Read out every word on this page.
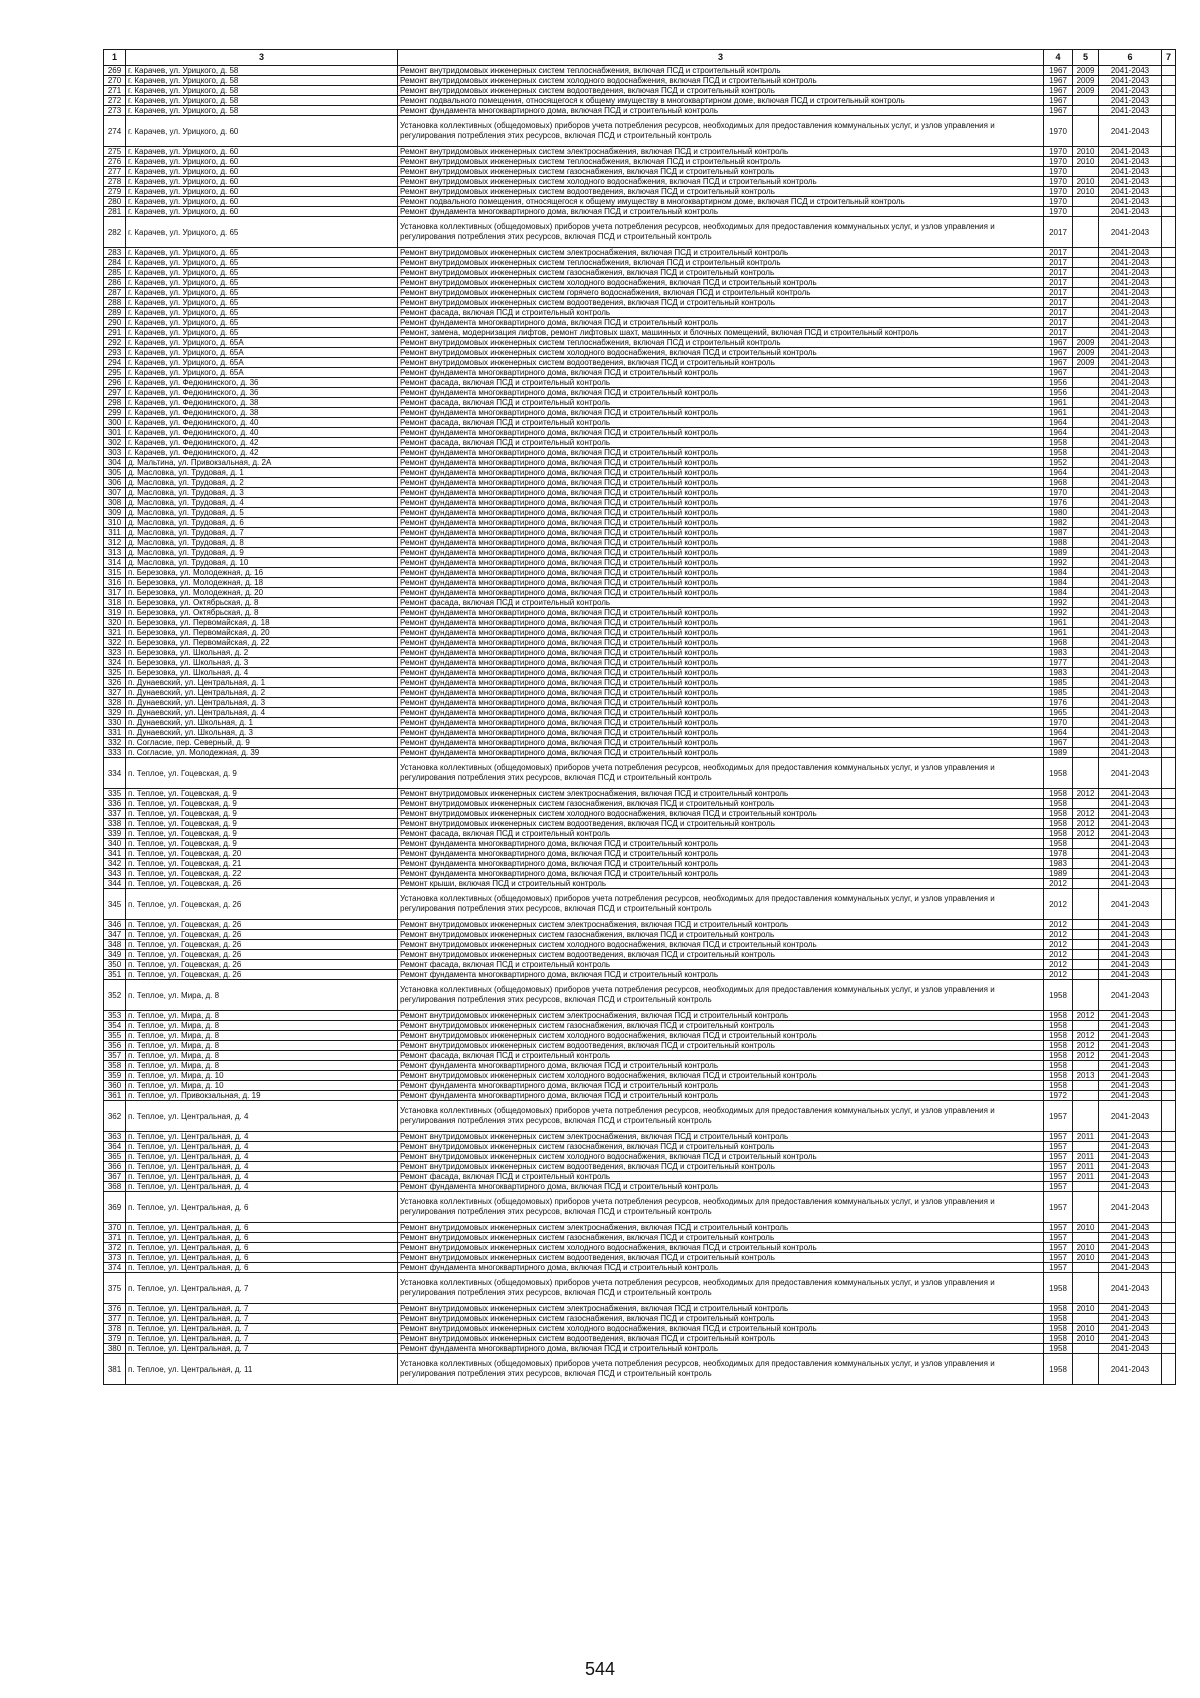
1	3	3	4	5	6	7
269	г. Карачев, ул. Урицкого, д. 58	Ремонт внутридомовых инженерных систем теплоснабжения, включая ПСД и строительный контроль	1967	2009	2041-2043	
270	г. Карачев, ул. Урицкого, д. 58	Ремонт внутридомовых инженерных систем холодного водоснабжения, включая ПСД и строительный контроль	1967	2009	2041-2043	
271	г. Карачев, ул. Урицкого, д. 58	Ремонт внутридомовых инженерных систем водоотведения, включая ПСД и строительный контроль	1967	2009	2041-2043	
272	г. Карачев, ул. Урицкого, д. 58	Ремонт подвального помещения, относящегося к общему имуществу в многоквартирном доме, включая ПСД и строительный контроль	1967		2041-2043	
273	г. Карачев, ул. Урицкого, д. 58	Ремонт фундамента многоквартирного дома, включая ПСД и строительный контроль	1967		2041-2043	
274	г. Карачев, ул. Урицкого, д. 60	Установка коллективных (общедомовых) приборов учета потребления ресурсов, необходимых для предоставления коммунальных услуг, и узлов управления и регулирования потребления этих ресурсов, включая ПСД и строительный контроль	1970		2041-2043	
275	г. Карачев, ул. Урицкого, д. 60	Ремонт внутридомовых инженерных систем электроснабжения, включая ПСД и строительный контроль	1970	2010	2041-2043	
276	г. Карачев, ул. Урицкого, д. 60	Ремонт внутридомовых инженерных систем теплоснабжения, включая ПСД и строительный контроль	1970	2010	2041-2043	
277	г. Карачев, ул. Урицкого, д. 60	Ремонт внутридомовых инженерных систем газоснабжения, включая ПСД и строительный контроль	1970		2041-2043	
278	г. Карачев, ул. Урицкого, д. 60	Ремонт внутридомовых инженерных систем холодного водоснабжения, включая ПСД и строительный контроль	1970	2010	2041-2043	
279	г. Карачев, ул. Урицкого, д. 60	Ремонт внутридомовых инженерных систем водоотведения, включая ПСД и строительный контроль	1970	2010	2041-2043	
280	г. Карачев, ул. Урицкого, д. 60	Ремонт подвального помещения, относящегося к общему имуществу в многоквартирном доме, включая ПСД и строительный контроль	1970		2041-2043	
281	г. Карачев, ул. Урицкого, д. 60	Ремонт фундамента многоквартирного дома, включая ПСД и строительный контроль	1970		2041-2043	
282	г. Карачев, ул. Урицкого, д. 65	Установка коллективных (общедомовых) приборов учета потребления ресурсов, необходимых для предоставления коммунальных услуг, и узлов управления и регулирования потребления этих ресурсов, включая ПСД и строительный контроль	2017		2041-2043	
283	г. Карачев, ул. Урицкого, д. 65	Ремонт внутридомовых инженерных систем электроснабжения, включая ПСД и строительный контроль	2017		2041-2043	
284	г. Карачев, ул. Урицкого, д. 65	Ремонт внутридомовых инженерных систем теплоснабжения, включая ПСД и строительный контроль	2017		2041-2043	
285	г. Карачев, ул. Урицкого, д. 65	Ремонт внутридомовых инженерных систем газоснабжения, включая ПСД и строительный контроль	2017		2041-2043	
286	г. Карачев, ул. Урицкого, д. 65	Ремонт внутридомовых инженерных систем холодного водоснабжения, включая ПСД и строительный контроль	2017		2041-2043	
287	г. Карачев, ул. Урицкого, д. 65	Ремонт внутридомовых инженерных систем горячего водоснабжения, включая ПСД и строительный контроль	2017		2041-2043	
288	г. Карачев, ул. Урицкого, д. 65	Ремонт внутридомовых инженерных систем водоотведения, включая ПСД и строительный контроль	2017		2041-2043	
289	г. Карачев, ул. Урицкого, д. 65	Ремонт фасада, включая ПСД и строительный контроль	2017		2041-2043	
290	г. Карачев, ул. Урицкого, д. 65	Ремонт фундамента многоквартирного дома, включая ПСД и строительный контроль	2017		2041-2043	
291	г. Карачев, ул. Урицкого, д. 65	Ремонт, замена, модернизация лифтов, ремонт лифтовых шахт, машинных и блочных помещений, включая ПСД и строительный контроль	2017		2041-2043	
292	г. Карачев, ул. Урицкого, д. 65А	Ремонт внутридомовых инженерных систем теплоснабжения, включая ПСД и строительный контроль	1967	2009	2041-2043	
293	г. Карачев, ул. Урицкого, д. 65А	Ремонт внутридомовых инженерных систем холодного водоснабжения, включая ПСД и строительный контроль	1967	2009	2041-2043	
294	г. Карачев, ул. Урицкого, д. 65А	Ремонт внутридомовых инженерных систем водоотведения, включая ПСД и строительный контроль	1967	2009	2041-2043	
295	г. Карачев, ул. Урицкого, д. 65А	Ремонт фундамента многоквартирного дома, включая ПСД и строительный контроль	1967		2041-2043	
296	г. Карачев, ул. Федюнинского, д. 36	Ремонт фасада, включая ПСД и строительный контроль	1956		2041-2043	
297	г. Карачев, ул. Федюнинского, д. 36	Ремонт фундамента многоквартирного дома, включая ПСД и строительный контроль	1956		2041-2043	
298	г. Карачев, ул. Федюнинского, д. 38	Ремонт фасада, включая ПСД и строительный контроль	1961		2041-2043	
299	г. Карачев, ул. Федюнинского, д. 38	Ремонт фундамента многоквартирного дома, включая ПСД и строительный контроль	1961		2041-2043	
300	г. Карачев, ул. Федюнинского, д. 40	Ремонт фасада, включая ПСД и строительный контроль	1964		2041-2043	
301	г. Карачев, ул. Федюнинского, д. 40	Ремонт фундамента многоквартирного дома, включая ПСД и строительный контроль	1964		2041-2043	
302	г. Карачев, ул. Федюнинского, д. 42	Ремонт фасада, включая ПСД и строительный контроль	1958		2041-2043	
303	г. Карачев, ул. Федюнинского, д. 42	Ремонт фундамента многоквартирного дома, включая ПСД и строительный контроль	1958		2041-2043	
304	д. Мальтина, ул. Привокзальная, д. 2А	Ремонт фундамента многоквартирного дома, включая ПСД и строительный контроль	1952		2041-2043	
305	д. Масловка, ул. Трудовая, д. 1	Ремонт фундамента многоквартирного дома, включая ПСД и строительный контроль	1964		2041-2043	
306	д. Масловка, ул. Трудовая, д. 2	Ремонт фундамента многоквартирного дома, включая ПСД и строительный контроль	1968		2041-2043	
307	д. Масловка, ул. Трудовая, д. 3	Ремонт фундамента многоквартирного дома, включая ПСД и строительный контроль	1970		2041-2043	
308	д. Масловка, ул. Трудовая, д. 4	Ремонт фундамента многоквартирного дома, включая ПСД и строительный контроль	1976		2041-2043	
309	д. Масловка, ул. Трудовая, д. 5	Ремонт фундамента многоквартирного дома, включая ПСД и строительный контроль	1980		2041-2043	
310	д. Масловка, ул. Трудовая, д. 6	Ремонт фундамента многоквартирного дома, включая ПСД и строительный контроль	1982		2041-2043	
311	д. Масловка, ул. Трудовая, д. 7	Ремонт фундамента многоквартирного дома, включая ПСД и строительный контроль	1987		2041-2043	
312	д. Масловка, ул. Трудовая, д. 8	Ремонт фундамента многоквартирного дома, включая ПСД и строительный контроль	1988		2041-2043	
313	д. Масловка, ул. Трудовая, д. 9	Ремонт фундамента многоквартирного дома, включая ПСД и строительный контроль	1989		2041-2043	
314	д. Масловка, ул. Трудовая, д. 10	Ремонт фундамента многоквартирного дома, включая ПСД и строительный контроль	1992		2041-2043	
315	п. Березовка, ул. Молодежная, д. 16	Ремонт фундамента многоквартирного дома, включая ПСД и строительный контроль	1984		2041-2043	
316	п. Березовка, ул. Молодежная, д. 18	Ремонт фундамента многоквартирного дома, включая ПСД и строительный контроль	1984		2041-2043	
317	п. Березовка, ул. Молодежная, д. 20	Ремонт фундамента многоквартирного дома, включая ПСД и строительный контроль	1984		2041-2043	
318	п. Березовка, ул. Октябрьская, д. 8	Ремонт фасада, включая ПСД и строительный контроль	1992		2041-2043	
319	п. Березовка, ул. Октябрьская, д. 8	Ремонт фундамента многоквартирного дома, включая ПСД и строительный контроль	1992		2041-2043	
320	п. Березовка, ул. Первомайская, д. 18	Ремонт фундамента многоквартирного дома, включая ПСД и строительный контроль	1961		2041-2043	
321	п. Березовка, ул. Первомайская, д. 20	Ремонт фундамента многоквартирного дома, включая ПСД и строительный контроль	1961		2041-2043	
322	п. Березовка, ул. Первомайская, д. 22	Ремонт фундамента многоквартирного дома, включая ПСД и строительный контроль	1968		2041-2043	
323	п. Березовка, ул. Школьная, д. 2	Ремонт фундамента многоквартирного дома, включая ПСД и строительный контроль	1983		2041-2043	
324	п. Березовка, ул. Школьная, д. 3	Ремонт фундамента многоквартирного дома, включая ПСД и строительный контроль	1977		2041-2043	
325	п. Березовка, ул. Школьная, д. 4	Ремонт фундамента многоквартирного дома, включая ПСД и строительный контроль	1983		2041-2043	
326	п. Дунаевский, ул. Центральная, д. 1	Ремонт фундамента многоквартирного дома, включая ПСД и строительный контроль	1985		2041-2043	
327	п. Дунаевский, ул. Центральная, д. 2	Ремонт фундамента многоквартирного дома, включая ПСД и строительный контроль	1985		2041-2043	
328	п. Дунаевский, ул. Центральная, д. 3	Ремонт фундамента многоквартирного дома, включая ПСД и строительный контроль	1976		2041-2043	
329	п. Дунаевский, ул. Центральная, д. 4	Ремонт фундамента многоквартирного дома, включая ПСД и строительный контроль	1965		2041-2043	
330	п. Дунаевский, ул. Школьная, д. 1	Ремонт фундамента многоквартирного дома, включая ПСД и строительный контроль	1970		2041-2043	
331	п. Дунаевский, ул. Школьная, д. 3	Ремонт фундамента многоквартирного дома, включая ПСД и строительный контроль	1964		2041-2043	
332	п. Согласие, пер. Северный, д. 9	Ремонт фундамента многоквартирного дома, включая ПСД и строительный контроль	1967		2041-2043	
333	п. Согласие, ул. Молодежная, д. 39	Ремонт фундамента многоквартирного дома, включая ПСД и строительный контроль	1989		2041-2043	
334	п. Теплое, ул. Гоцевская, д. 9	Установка коллективных (общедомовых) приборов учета потребления ресурсов, необходимых для предоставления коммунальных услуг, и узлов управления и регулирования потребления этих ресурсов, включая ПСД и строительный контроль	1958		2041-2043	
335	п. Теплое, ул. Гоцевская, д. 9	Ремонт внутридомовых инженерных систем электроснабжения, включая ПСД и строительный контроль	1958	2012	2041-2043	
336	п. Теплое, ул. Гоцевская, д. 9	Ремонт внутридомовых инженерных систем газоснабжения, включая ПСД и строительный контроль	1958		2041-2043	
337	п. Теплое, ул. Гоцевская, д. 9	Ремонт внутридомовых инженерных систем холодного водоснабжения, включая ПСД и строительный контроль	1958	2012	2041-2043	
338	п. Теплое, ул. Гоцевская, д. 9	Ремонт внутридомовых инженерных систем водоотведения, включая ПСД и строительный контроль	1958	2012	2041-2043	
339	п. Теплое, ул. Гоцевская, д. 9	Ремонт фасада, включая ПСД и строительный контроль	1958	2012	2041-2043	
340	п. Теплое, ул. Гоцевская, д. 9	Ремонт фундамента многоквартирного дома, включая ПСД и строительный контроль	1958		2041-2043	
341	п. Теплое, ул. Гоцевская, д. 20	Ремонт фундамента многоквартирного дома, включая ПСД и строительный контроль	1978		2041-2043	
342	п. Теплое, ул. Гоцевская, д. 21	Ремонт фундамента многоквартирного дома, включая ПСД и строительный контроль	1983		2041-2043	
343	п. Теплое, ул. Гоцевская, д. 22	Ремонт фундамента многоквартирного дома, включая ПСД и строительный контроль	1989		2041-2043	
344	п. Теплое, ул. Гоцевская, д. 26	Ремонт крыши, включая ПСД и строительный контроль	2012		2041-2043	
345	п. Теплое, ул. Гоцевская, д. 26	Установка коллективных (общедомовых) приборов учета потребления ресурсов, необходимых для предоставления коммунальных услуг, и узлов управления и регулирования потребления этих ресурсов, включая ПСД и строительный контроль	2012		2041-2043	
346	п. Теплое, ул. Гоцевская, д. 26	Ремонт внутридомовых инженерных систем электроснабжения, включая ПСД и строительный контроль	2012		2041-2043	
347	п. Теплое, ул. Гоцевская, д. 26	Ремонт внутридомовых инженерных систем газоснабжения, включая ПСД и строительный контроль	2012		2041-2043	
348	п. Теплое, ул. Гоцевская, д. 26	Ремонт внутридомовых инженерных систем холодного водоснабжения, включая ПСД и строительный контроль	2012		2041-2043	
349	п. Теплое, ул. Гоцевская, д. 26	Ремонт внутридомовых инженерных систем водоотведения, включая ПСД и строительный контроль	2012		2041-2043	
350	п. Теплое, ул. Гоцевская, д. 26	Ремонт фасада, включая ПСД и строительный контроль	2012		2041-2043	
351	п. Теплое, ул. Гоцевская, д. 26	Ремонт фундамента многоквартирного дома, включая ПСД и строительный контроль	2012		2041-2043	
352	п. Теплое, ул. Мира, д. 8	Установка коллективных (общедомовых) приборов учета потребления ресурсов, необходимых для предоставления коммунальных услуг, и узлов управления и регулирования потребления этих ресурсов, включая ПСД и строительный контроль	1958		2041-2043	
353	п. Теплое, ул. Мира, д. 8	Ремонт внутридомовых инженерных систем электроснабжения, включая ПСД и строительный контроль	1958	2012	2041-2043	
354	п. Теплое, ул. Мира, д. 8	Ремонт внутридомовых инженерных систем газоснабжения, включая ПСД и строительный контроль	1958		2041-2043	
355	п. Теплое, ул. Мира, д. 8	Ремонт внутридомовых инженерных систем холодного водоснабжения, включая ПСД и строительный контроль	1958	2012	2041-2043	
356	п. Теплое, ул. Мира, д. 8	Ремонт внутридомовых инженерных систем водоотведения, включая ПСД и строительный контроль	1958	2012	2041-2043	
357	п. Теплое, ул. Мира, д. 8	Ремонт фасада, включая ПСД и строительный контроль	1958	2012	2041-2043	
358	п. Теплое, ул. Мира, д. 8	Ремонт фундамента многоквартирного дома, включая ПСД и строительный контроль	1958		2041-2043	
359	п. Теплое, ул. Мира, д. 10	Ремонт внутридомовых инженерных систем холодного водоснабжения, включая ПСД и строительный контроль	1958	2013	2041-2043	
360	п. Теплое, ул. Мира, д. 10	Ремонт фундамента многоквартирного дома, включая ПСД и строительный контроль	1958		2041-2043	
361	п. Теплое, ул. Привокзальная, д. 19	Ремонт фундамента многоквартирного дома, включая ПСД и строительный контроль	1972		2041-2043	
362	п. Теплое, ул. Центральная, д. 4	Установка коллективных (общедомовых) приборов учета потребления ресурсов, необходимых для предоставления коммунальных услуг, и узлов управления и регулирования потребления этих ресурсов, включая ПСД и строительный контроль	1957		2041-2043	
363	п. Теплое, ул. Центральная, д. 4	Ремонт внутридомовых инженерных систем электроснабжения, включая ПСД и строительный контроль	1957	2011	2041-2043	
364	п. Теплое, ул. Центральная, д. 4	Ремонт внутридомовых инженерных систем газоснабжения, включая ПСД и строительный контроль	1957		2041-2043	
365	п. Теплое, ул. Центральная, д. 4	Ремонт внутридомовых инженерных систем холодного водоснабжения, включая ПСД и строительный контроль	1957	2011	2041-2043	
366	п. Теплое, ул. Центральная, д. 4	Ремонт внутридомовых инженерных систем водоотведения, включая ПСД и строительный контроль	1957	2011	2041-2043	
367	п. Теплое, ул. Центральная, д. 4	Ремонт фасада, включая ПСД и строительный контроль	1957	2011	2041-2043	
368	п. Теплое, ул. Центральная, д. 4	Ремонт фундамента многоквартирного дома, включая ПСД и строительный контроль	1957		2041-2043	
369	п. Теплое, ул. Центральная, д. 6	Установка коллективных (общедомовых) приборов учета потребления ресурсов, необходимых для предоставления коммунальных услуг, и узлов управления и регулирования потребления этих ресурсов, включая ПСД и строительный контроль	1957		2041-2043	
370	п. Теплое, ул. Центральная, д. 6	Ремонт внутридомовых инженерных систем электроснабжения, включая ПСД и строительный контроль	1957	2010	2041-2043	
371	п. Теплое, ул. Центральная, д. 6	Ремонт внутридомовых инженерных систем газоснабжения, включая ПСД и строительный контроль	1957		2041-2043	
372	п. Теплое, ул. Центральная, д. 6	Ремонт внутридомовых инженерных систем холодного водоснабжения, включая ПСД и строительный контроль	1957	2010	2041-2043	
373	п. Теплое, ул. Центральная, д. 6	Ремонт внутридомовых инженерных систем водоотведения, включая ПСД и строительный контроль	1957	2010	2041-2043	
374	п. Теплое, ул. Центральная, д. 6	Ремонт фундамента многоквартирного дома, включая ПСД и строительный контроль	1957		2041-2043	
375	п. Теплое, ул. Центральная, д. 7	Установка коллективных (общедомовых) приборов учета потребления ресурсов, необходимых для предоставления коммунальных услуг, и узлов управления и регулирования потребления этих ресурсов, включая ПСД и строительный контроль	1958		2041-2043	
376	п. Теплое, ул. Центральная, д. 7	Ремонт внутридомовых инженерных систем электроснабжения, включая ПСД и строительный контроль	1958	2010	2041-2043	
377	п. Теплое, ул. Центральная, д. 7	Ремонт внутридомовых инженерных систем газоснабжения, включая ПСД и строительный контроль	1958		2041-2043	
378	п. Теплое, ул. Центральная, д. 7	Ремонт внутридомовых инженерных систем холодного водоснабжения, включая ПСД и строительный контроль	1958	2010	2041-2043	
379	п. Теплое, ул. Центральная, д. 7	Ремонт внутридомовых инженерных систем водоотведения, включая ПСД и строительный контроль	1958	2010	2041-2043	
380	п. Теплое, ул. Центральная, д. 7	Ремонт фундамента многоквартирного дома, включая ПСД и строительный контроль	1958		2041-2043	
381	п. Теплое, ул. Центральная, д. 11	Установка коллективных (общедомовых) приборов учета потребления ресурсов, необходимых для предоставления коммунальных услуг, и узлов управления и регулирования потребления этих ресурсов, включая ПСД и строительный контроль	1958		2041-2043	
544
